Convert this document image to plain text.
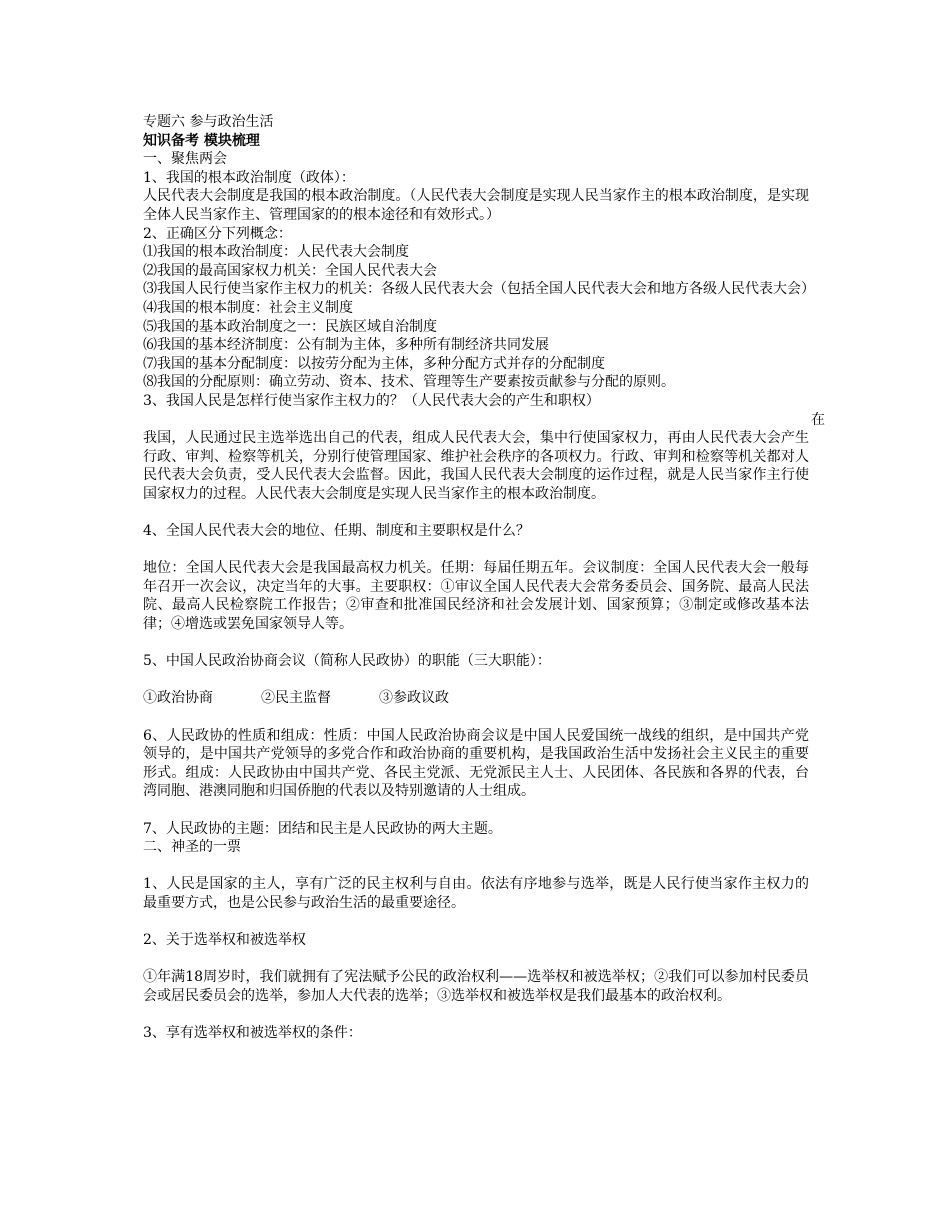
专题六 参与政治生活
知识备考 模块梳理
一、聚焦两会
1、我国的根本政治制度（政体）：

人民代表大会制度是我国的根本政治制度。（人民代表大会制度是实现人民当家作主的根本政治制度，是实现全体人民当家作主、管理国家的的根本途径和有效形式。）

2、正确区分下列概念：

⑴我国的根本政治制度：人民代表大会制度

⑵我国的最高国家权力机关：全国人民代表大会

⑶我国人民行使当家作主权力的机关：各级人民代表大会（包括全国人民代表大会和地方各级人民代表大会）

⑷我国的根本制度：社会主义制度

⑸我国的基本政治制度之一：民族区域自治制度

⑹我国的基本经济制度：公有制为主体，多种所有制经济共同发展

⑺我国的基本分配制度：以按劳分配为主体，多种分配方式并存的分配制度

⑻我国的分配原则：确立劳动、资本、技术、管理等生产要素按贡献参与分配的原则。

3、我国人民是怎样行使当家作主权力的？（人民代表大会的产生和职权）
在

我国，人民通过民主选举选出自己的代表，组成人民代表大会，集中行使国家权力，再由人民代表大会产生行政、审判、检察等机关，分别行使管理国家、维护社会秩序的各项权力。行政、审判和检察等机关都对人民代表大会负责，受人民代表大会监督。因此，我国人民代表大会制度的运作过程，就是人民当家作主行使国家权力的过程。人民代表大会制度是实现人民当家作主的根本政治制度。

4、全国人民代表大会的地位、任期、制度和主要职权是什么？

地位：全国人民代表大会是我国最高权力机关。任期：每届任期五年。会议制度：全国人民代表大会一般每年召开一次会议，决定当年的大事。主要职权：①审议全国人民代表大会常务委员会、国务院、最高人民法院、最高人民检察院工作报告；②审查和批准国民经济和社会发展计划、国家预算；③制定或修改基本法律；④增选或罢免国家领导人等。

5、中国人民政治协商会议（简称人民政协）的职能（三大职能）：
①政治协商	②民主监督	③参政议政

6、人民政协的性质和组成：性质：中国人民政治协商会议是中国人民爱国统一战线的组织，是中国共产党领导的，是中国共产党领导的多党合作和政治协商的重要机构，是我国政治生活中发扬社会主义民主的重要形式。组成：人民政协由中国共产党、各民主党派、无党派民主人士、人民团体、各民族和各界的代表，台湾同胞、港澳同胞和归国侨胞的代表以及特别邀请的人士组成。

7、人民政协的主题：团结和民主是人民政协的两大主题。
二、神圣的一票

1、人民是国家的主人，享有广泛的民主权利与自由。依法有序地参与选举，既是人民行使当家作主权力的最重要方式，也是公民参与政治生活的最重要途径。

2、关于选举权和被选举权

①年满18周岁时，我们就拥有了宪法赋予公民的政治权利——选举权和被选举权；②我们可以参加村民委员会或居民委员会的选举，参加人大代表的选举；③选举权和被选举权是我们最基本的政治权利。

3、享有选举权和被选举权的条件：
